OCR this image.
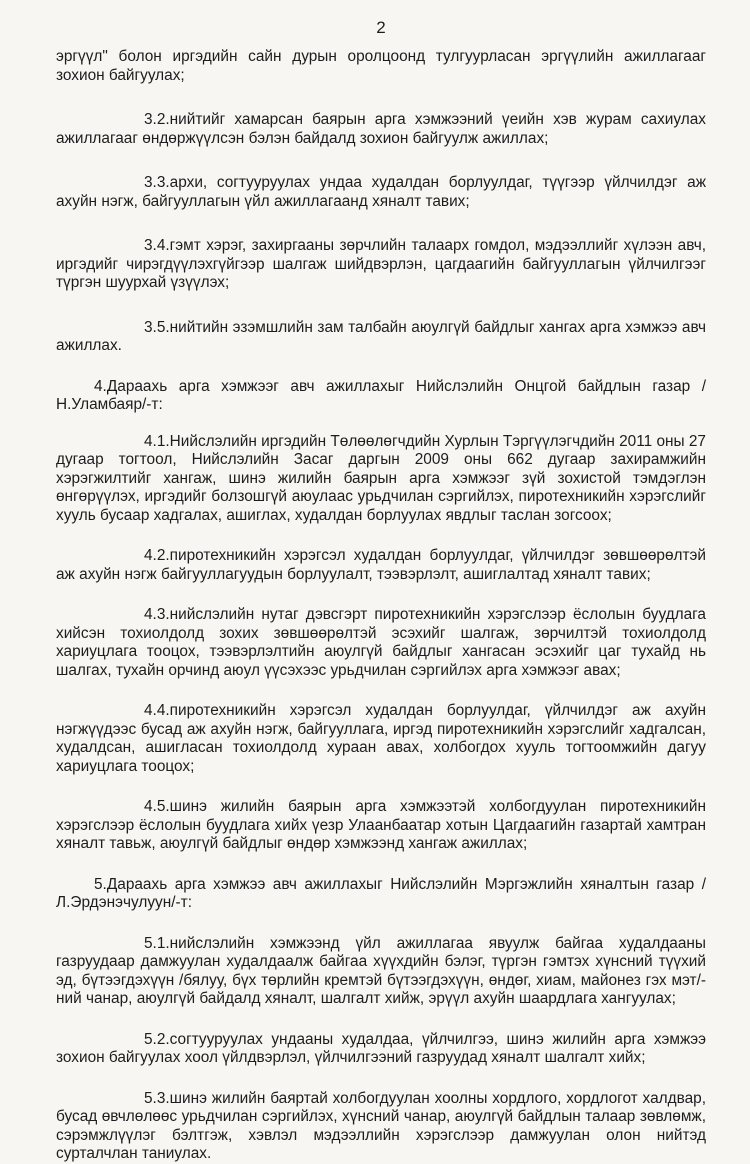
2

эргүүл" болон иргэдийн сайн дурын оролцоонд тулгуурласан эргүүлийн ажиллагааг зохион байгуулах;

3.2.нийтийг хамарсан баярын арга хэмжээний үеийн хэв журам сахиулах ажиллагааг өндөржүүлсэн бэлэн байдалд зохион байгуулж ажиллах;

3.3.архи, согтууруулах ундаа худалдан борлуулдаг, түүгээр үйлчилдэг аж ахуйн нэгж, байгууллагын үйл ажиллагаанд хяналт тавих;

3.4.гэмт хэрэг, захиргааны зөрчлийн талаарх гомдол, мэдээллийг хүлээн авч, иргэдийг чирэгдүүлэхгүйгээр шалгаж шийдвэрлэн, цагдаагийн байгууллагын үйлчилгээг түргэн шуурхай үзүүлэх;

3.5.нийтийн эзэмшлийн зам талбайн аюулгүй байдлыг хангах арга хэмжээ авч ажиллах.

4.Дараахь арга хэмжээг авч ажиллахыг Нийслэлийн Онцгой байдлын газар /Н.Уламбаяр/-т:

4.1.Нийслэлийн иргэдийн Төлөөлөгчдийн Хурлын Тэргүүлэгчдийн 2011 оны 27 дугаар тогтоол, Нийслэлийн Засаг даргын 2009 оны 662 дугаар захирамжийн хэрэгжилтийг хангаж, шинэ жилийн баярын арга хэмжээг зүй зохистой тэмдэглэн өнгөрүүлэх, иргэдийг болзошгүй аюулаас урьдчилан сэргийлэх, пиротехникийн хэрэгслийг хууль бусаар хадгалах, ашиглах, худалдан борлуулах явдлыг таслан зогсоох;

4.2.пиротехникийн хэрэгсэл худалдан борлуулдаг, үйлчилдэг зөвшөөрөлтэй аж ахуйн нэгж байгууллагуудын борлуулалт, тээвэрлэлт, ашиглалтад хяналт тавих;

4.3.нийслэлийн нутаг дэвсгэрт пиротехникийн хэрэгслээр ёслолын буудлага хийсэн тохиолдолд зохих зөвшөөрөлтэй эсэхийг шалгаж, зөрчилтэй тохиолдолд хариуцлага тооцох, тээвэрлэлтийн аюулгүй байдлыг хангасан эсэхийг цаг тухайд нь шалгах, тухайн орчинд аюул үүсэхээс урьдчилан сэргийлэх арга хэмжээг авах;

4.4.пиротехникийн хэрэгсэл худалдан борлуулдаг, үйлчилдэг аж ахуйн нэгжүүдээс бусад аж ахуйн нэгж, байгууллага, иргэд пиротехникийн хэрэгслийг хадгалсан, худалдсан, ашигласан тохиолдолд хураан авах, холбогдох хууль тогтоомжийн дагуу хариуцлага тооцох;

4.5.шинэ жилийн баярын арга хэмжээтэй холбогдуулан пиротехникийн хэрэгслээр ёслолын буудлага хийх үезр Улаанбаатар хотын Цагдаагийн газартай хамтран хяналт тавьж, аюулгүй байдлыг өндөр хэмжээнд хангаж ажиллах;

5.Дараахь арга хэмжээ авч ажиллахыг Нийслэлийн Мэргэжлийн хяналтын газар /Л.Эрдэнэчулуун/-т:

5.1.нийслэлийн хэмжээнд үйл ажиллагаа явуулж байгаа худалдааны газруудаар дамжуулан худалдаалж байгаа хүүхдийн бэлэг, түргэн гэмтэх хүнсний түүхий эд, бүтээгдэхүүн /бялуу, бүх төрлийн кремтэй бүтээгдэхүүн, өндөг, хиам, майонез гэх мэт/-ний чанар, аюулгүй байдалд хяналт, шалгалт хийж, эрүүл ахуйн шаардлага хангуулах;

5.2.согтууруулах ундааны худалдаа, үйлчилгээ, шинэ жилийн арга хэмжээ зохион байгуулах хоол үйлдвэрлэл, үйлчилгээний газруудад хяналт шалгалт хийх;

5.3.шинэ жилийн баяртай холбогдуулан хоолны хордлого, хордлогот халдвар, бусад өвчлөлөөс урьдчилан сэргийлэх, хүнсний чанар, аюулгүй байдлын талаар зөвлөмж, сэрэмжлүүлэг бэлтгэж, хэвлэл мэдээллийн хэрэгслээр дамжуулан олон нийтэд сурталчлан таниулах.
